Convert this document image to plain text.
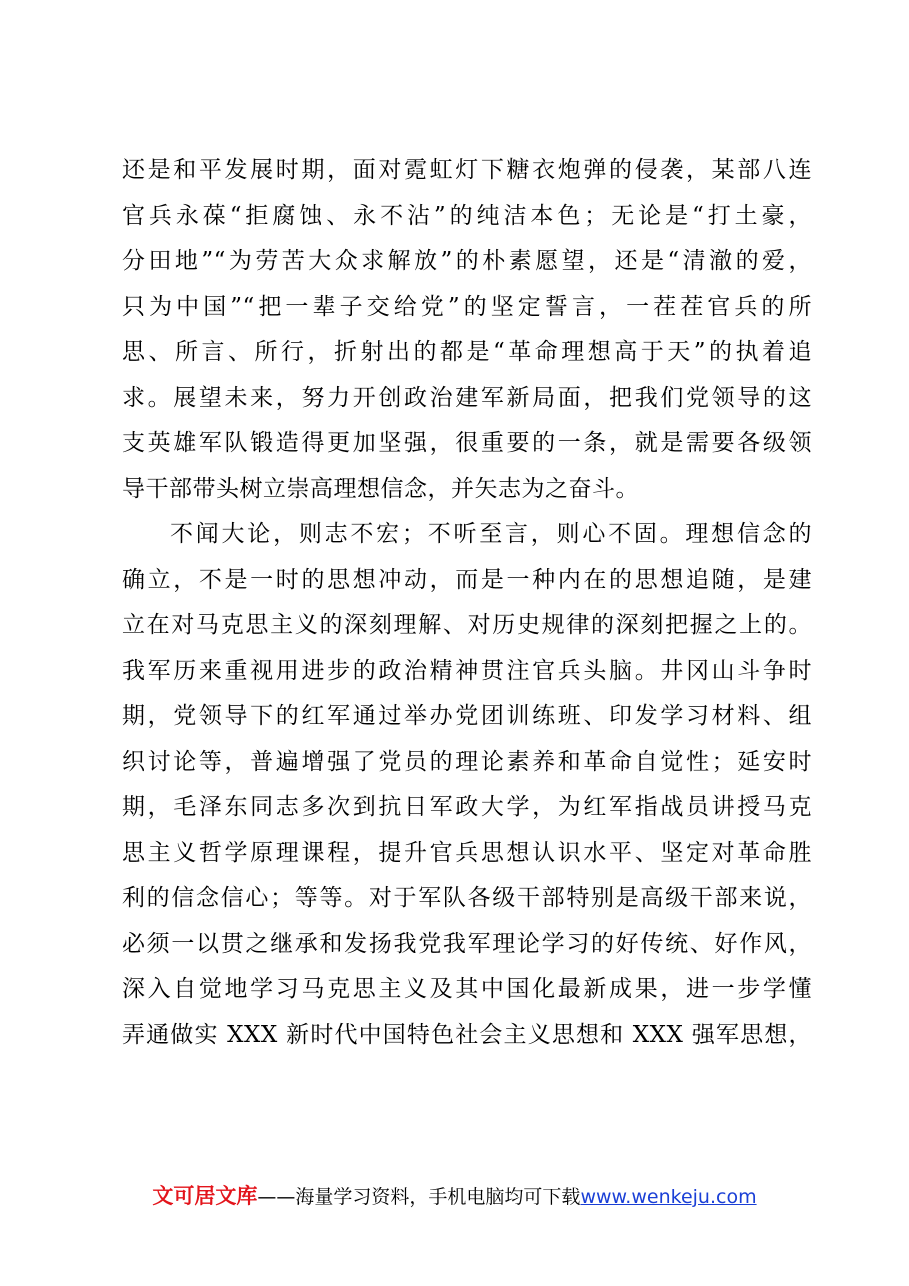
还是和平发展时期，面对霓虹灯下糖衣炮弹的侵袭，某部八连
官兵永葆“拒腐蚀、永不沾”的纯洁本色；无论是“打土豪，
分田地”“为劳苦大众求解放”的朴素愿望，还是“清澈的爱，
只为中国”“把一辈子交给党”的坚定誓言，一茬茬官兵的所
思、所言、所行，折射出的都是“革命理想高于天”的执着追
求。展望未来，努力开创政治建军新局面，把我们党领导的这
支英雄军队锻造得更加坚强，很重要的一条，就是需要各级领
导干部带头树立崇高理想信念，并矢志为之奋斗。
不闻大论，则志不宏；不听至言，则心不固。理想信念的
确立，不是一时的思想冲动，而是一种内在的思想追随，是建
立在对马克思主义的深刻理解、对历史规律的深刻把握之上的。
我军历来重视用进步的政治精神贯注官兵头脑。井冈山斗争时
期，党领导下的红军通过举办党团训练班、印发学习材料、组
织讨论等，普遍增强了党员的理论素养和革命自觉性；延安时
期，毛泽东同志多次到抗日军政大学，为红军指战员讲授马克
思主义哲学原理课程，提升官兵思想认识水平、坚定对革命胜
利的信念信心；等等。对于军队各级干部特别是高级干部来说，
必须一以贯之继承和发扬我党我军理论学习的好传统、好作风，
深入自觉地学习马克思主义及其中国化最新成果，进一步学懂
弄通做实 XXX 新时代中国特色社会主义思想和 XXX 强军思想，
文可居文库——海量学习资料，手机电脑均可下载www.wenkeju.com
